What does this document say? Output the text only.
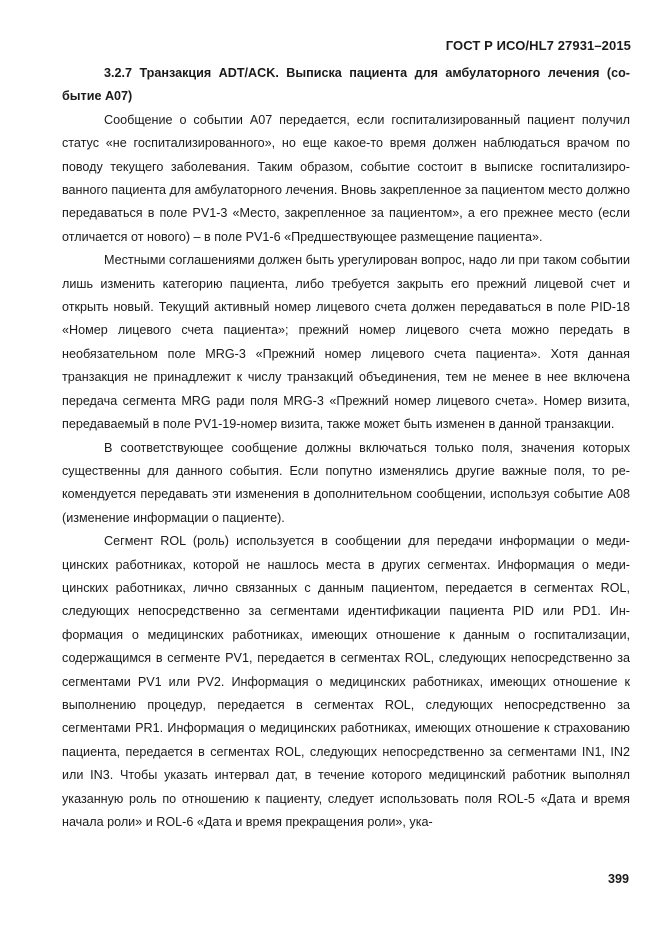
ГОСТ Р ИСО/HL7 27931–2015

3.2.7 Транзакция ADT/ACK. Выписка пациента для амбулаторного лечения (событие A07)

Сообщение о событии A07 передается, если госпитализированный пациент получил статус «не госпитализированного», но еще какое-то время должен наблюдаться врачом по поводу текущего заболевания. Таким образом, событие состоит в выписке госпитализированного пациента для амбулаторного лечения. Вновь закрепленное за пациентом место должно передаваться в поле PV1-3 «Место, закрепленное за пациентом», а его прежнее место (если отличается от нового) – в поле PV1-6 «Предшествующее размещение пациента».

Местными соглашениями должен быть урегулирован вопрос, надо ли при таком событии лишь изменить категорию пациента, либо требуется закрыть его прежний лицевой счет и открыть новый. Текущий активный номер лицевого счета должен передаваться в поле PID-18 «Номер лицевого счета пациента»; прежний номер лицевого счета можно передать в необязательном поле MRG-3 «Прежний номер лицевого счета пациента». Хотя данная транзакция не принадлежит к числу транзакций объединения, тем не менее в нее включена передача сегмента MRG ради поля MRG-3 «Прежний номер лицевого счета». Номер визита, передаваемый в поле PV1-19-номер визита, также может быть изменен в данной транзакции.

В соответствующее сообщение должны включаться только поля, значения которых существенны для данного события. Если попутно изменялись другие важные поля, то рекомендуется передавать эти изменения в дополнительном сообщении, используя событие A08 (изменение информации о пациенте).

Сегмент ROL (роль) используется в сообщении для передачи информации о медицинских работниках, которой не нашлось места в других сегментах. Информация о медицинских работниках, лично связанных с данным пациентом, передается в сегментах ROL, следующих непосредственно за сегментами идентификации пациента PID или PD1. Информация о медицинских работниках, имеющих отношение к данным о госпитализации, содержащимся в сегменте PV1, передается в сегментах ROL, следующих непосредственно за сегментами PV1 или PV2. Информация о медицинских работниках, имеющих отношение к выполнению процедур, передается в сегментах ROL, следующих непосредственно за сегментами PR1. Информация о медицинских работниках, имеющих отношение к страхованию пациента, передается в сегментах ROL, следующих непосредственно за сегментами IN1, IN2 или IN3. Чтобы указать интервал дат, в течение которого медицинский работник выполнял указанную роль по отношению к пациенту, следует использовать поля ROL-5 «Дата и время начала роли» и ROL-6 «Дата и время прекращения роли», ука-

399
